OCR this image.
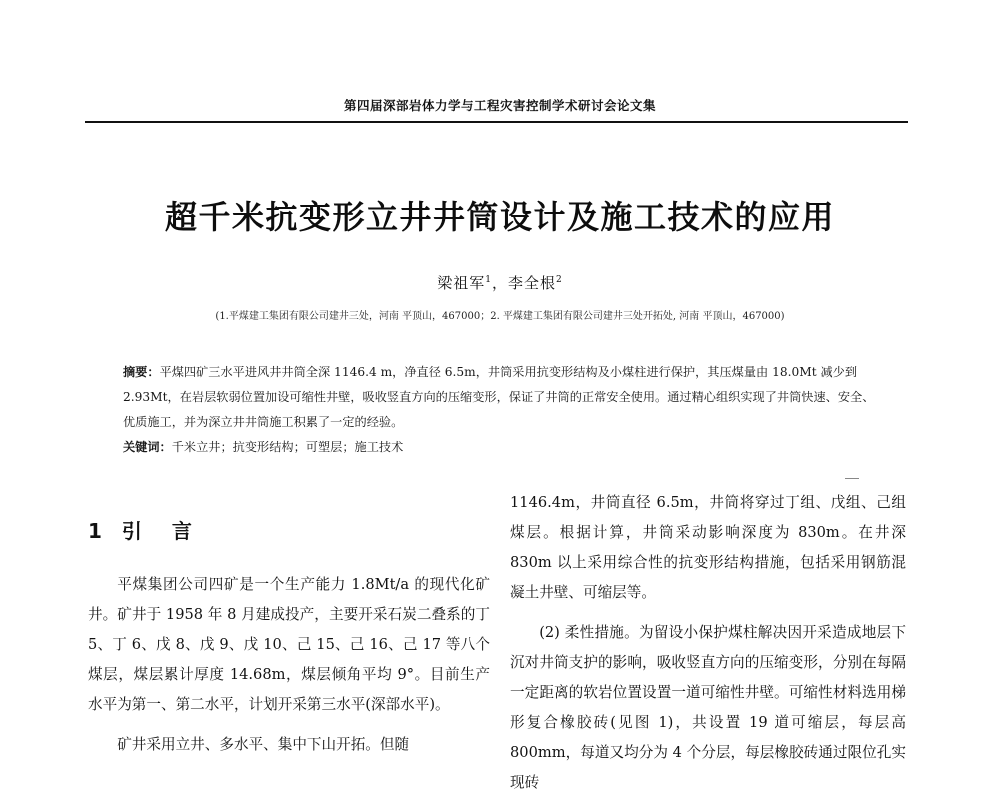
第四届深部岩体力学与工程灾害控制学术研讨会论文集
超千米抗变形立井井筒设计及施工技术的应用
梁祖军$^1$，李全根$^2$
(1.平煤建工集团有限公司建井三处，河南 平顶山，467000；2. 平煤建工集团有限公司建井三处开拓处, 河南 平顶山，467000)

摘要：平煤四矿三水平进风井井筒全深 1146.4 m，净直径 6.5m，井筒采用抗变形结构及小煤柱进行保护，其压煤量由 18.0Mt 减少到 2.93Mt，在岩层软弱位置加设可缩性井壁，吸收竖直方向的压缩变形，保证了井筒的正常安全使用。通过精心组织实现了井筒快速、安全、优质施工，并为深立井井筒施工积累了一定的经验。

关键词：千米立井；抗变形结构；可塑层；施工技术

1 引 言

平煤集团公司四矿是一个生产能力 1.8Mt/a 的现代化矿井。矿井于 1958 年 8 月建成投产，主要开采石炭二叠系的丁 5、丁 6、戊 8、戊 9、戊 10、己 15、己 16、己 17 等八个煤层，煤层累计厚度 14.68m，煤层倾角平均 9°。目前生产水平为第一、第二水平，计划开采第三水平(深部水平)。

矿井采用立井、多水平、集中下山开拓。但随

1146.4m，井筒直径 6.5m，井筒将穿过丁组、戊组、己组煤层。根据计算，井筒采动影响深度为 830m。在井深 830m 以上采用综合性的抗变形结构措施，包括采用钢筋混凝土井壁、可缩层等。

(2) 柔性措施。为留设小保护煤柱解决因开采造成地层下沉对井筒支护的影响，吸收竖直方向的压缩变形，分别在每隔一定距离的软岩位置设置一道可缩性井壁。可缩性材料选用梯形复合橡胶砖(见图 1)，共设置 19 道可缩层，每层高 800mm，每道又均分为 4 个分层，每层橡胶砖通过限位孔实现砖
